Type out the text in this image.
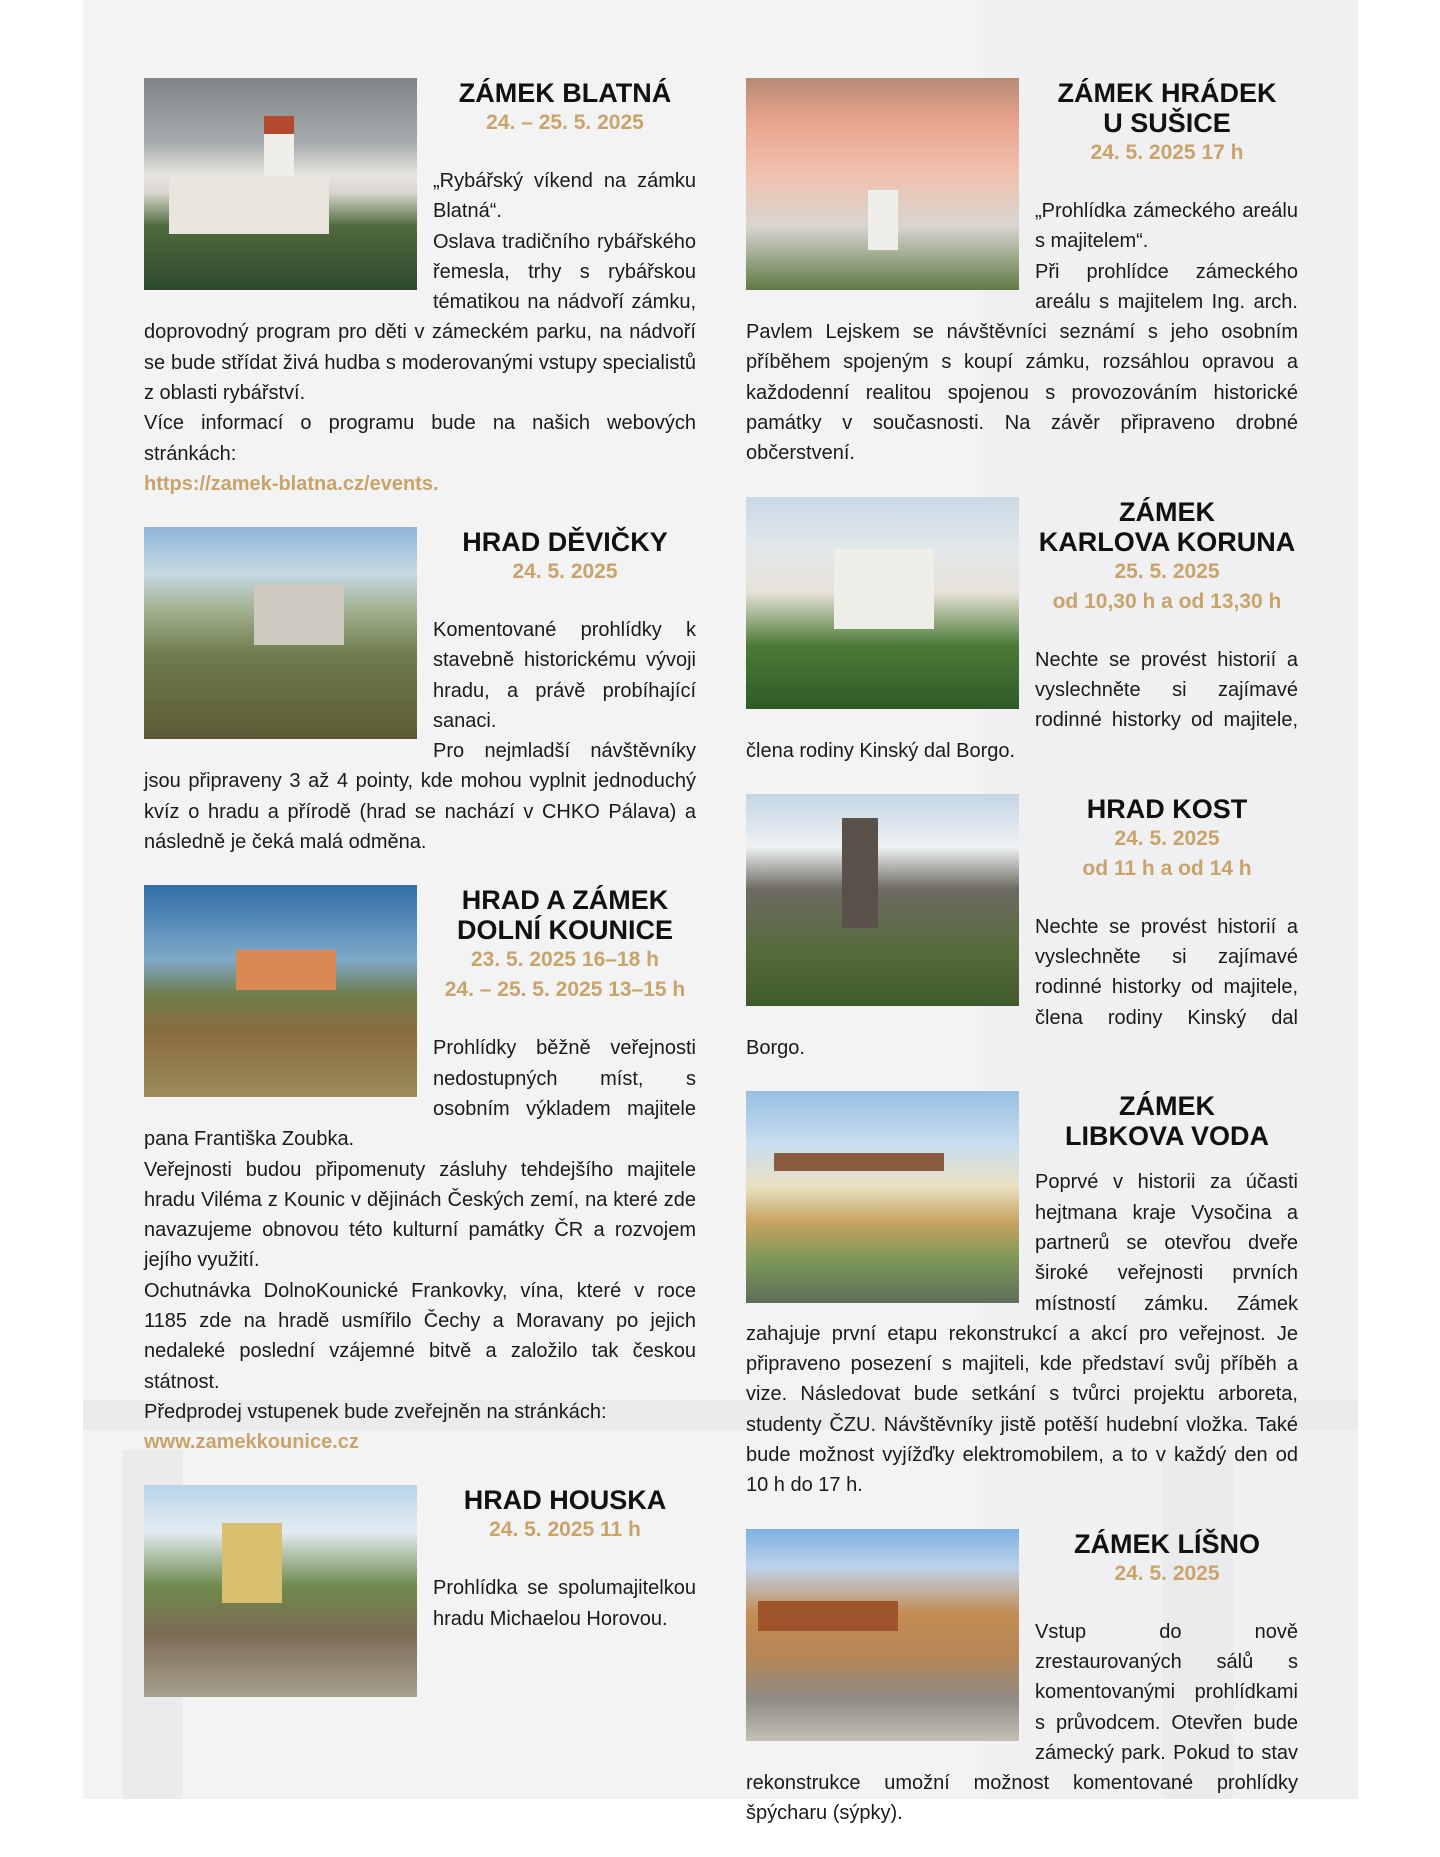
ZÁMEK BLATNÁ
24. – 25. 5. 2025

„Rybářský víkend na zámku Blatná“.

Oslava tradičního rybářského řemesla, trhy s rybářskou tématikou na nádvoří zámku, doprovodný program pro děti v zámeckém parku, na nádvoří se bude střídat živá hudba s moderovanými vstupy specialistů z oblasti rybářství.

Více informací o programu bude na našich webových stránkách:

https://zamek-blatna.cz/events.
HRAD DĚVIČKY
24. 5. 2025

Komentované prohlídky k stavebně historickému vývoji hradu, a právě probíhající sanaci.

Pro nejmladší návštěvníky jsou připraveny 3 až 4 pointy, kde mohou vyplnit jednoduchý kvíz o hradu a přírodě (hrad se nachází v CHKO Pálava) a následně je čeká malá odměna.

HRAD A ZÁMEK
DOLNÍ KOUNICE
23. 5. 2025 16–18 h
24. – 25. 5. 2025 13–15 h

Prohlídky běžně veřejnosti nedostupných míst, s osobním výkladem majitele pana Františka Zoubka.

Veřejnosti budou připomenuty zásluhy tehdejšího majitele hradu Viléma z Kounic v dějinách Českých zemí, na které zde navazujeme obnovou této kulturní památky ČR a rozvojem jejího využití.

Ochutnávka DolnoKounické Frankovky, vína, které v roce 1185 zde na hradě usmířilo Čechy a Moravany po jejich nedaleké poslední vzájemné bitvě a založilo tak českou státnost.

Předprodej vstupenek bude zveřejněn na stránkách:

www.zamekkounice.cz
HRAD HOUSKA
24. 5. 2025 11 h

Prohlídka se spolumajitelkou hradu Michaelou Horovou.

ZÁMEK HRÁDEK
U SUŠICE
24. 5. 2025 17 h

„Prohlídka zámeckého areálu s majitelem“.

Při prohlídce zámeckého areálu s majitelem Ing. arch. Pavlem Lejskem se návštěvníci seznámí s jeho osobním příběhem spojeným s koupí zámku, rozsáhlou opravou a každodenní realitou spojenou s provozováním historické památky v současnosti. Na závěr připraveno drobné občerstvení.

ZÁMEK
KARLOVA KORUNA
25. 5. 2025
od 10,30 h a od 13,30 h

Nechte se provést historií a vyslechněte si zajímavé rodinné historky od majitele, člena rodiny Kinský dal Borgo.

HRAD KOST
24. 5. 2025
od 11 h a od 14 h

Nechte se provést historií a vyslechněte si zajímavé rodinné historky od majitele, člena rodiny Kinský dal Borgo.

ZÁMEK
LIBKOVA VODA

Poprvé v historii za účasti hejtmana kraje Vysočina a partnerů se otevřou dveře široké veřejnosti prvních místností zámku. Zámek zahajuje první etapu rekonstrukcí a akcí pro veřejnost. Je připraveno posezení s majiteli, kde představí svůj příběh a vize. Následovat bude setkání s tvůrci projektu arboreta, studenty ČZU. Návštěvníky jistě potěší hudební vložka. Také bude možnost vyjížďky elektromobilem, a to v každý den od 10 h do 17 h.

ZÁMEK LÍŠNO
24. 5. 2025

Vstup do nově zrestaurovaných sálů s komentovanými prohlídkami s průvodcem. Otevřen bude zámecký park. Pokud to stav rekonstrukce umožní možnost komentované prohlídky špýcharu (sýpky).
